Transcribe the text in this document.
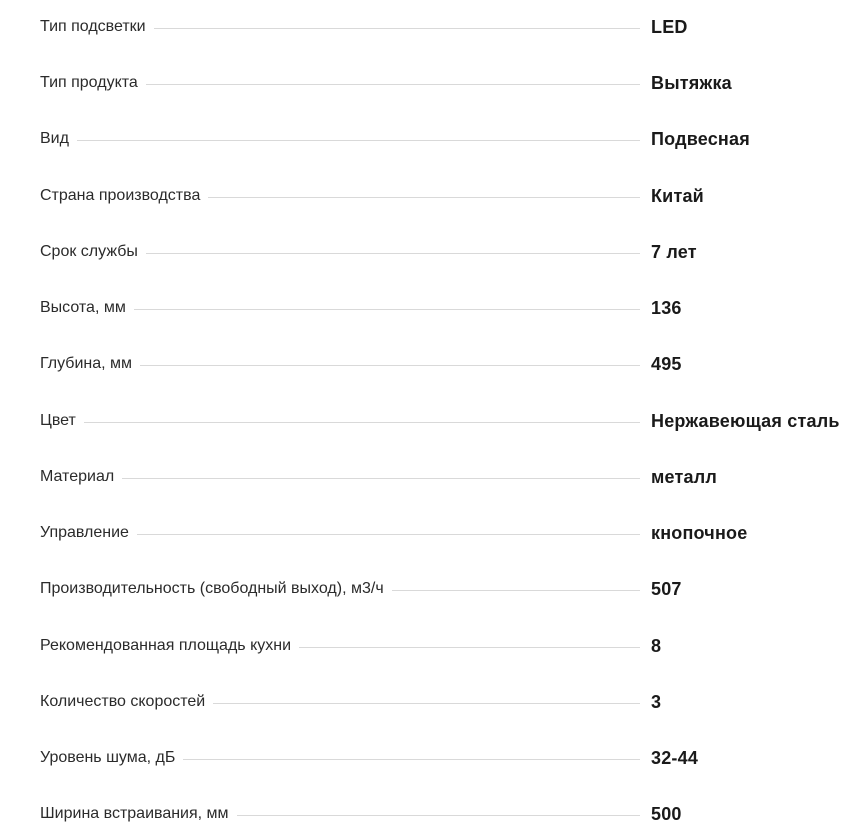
Тип подсветки	LED
Тип продукта	Вытяжка
Вид	Подвесная
Страна производства	Китай
Срок службы	7 лет
Высота, мм	136
Глубина, мм	495
Цвет	Нержавеющая сталь
Материал	металл
Управление	кнопочное
Производительность (свободный выход), м3/ч	507
Рекомендованная площадь кухни	8
Количество скоростей	3
Уровень шума, дБ	32-44
Ширина встраивания, мм	500
